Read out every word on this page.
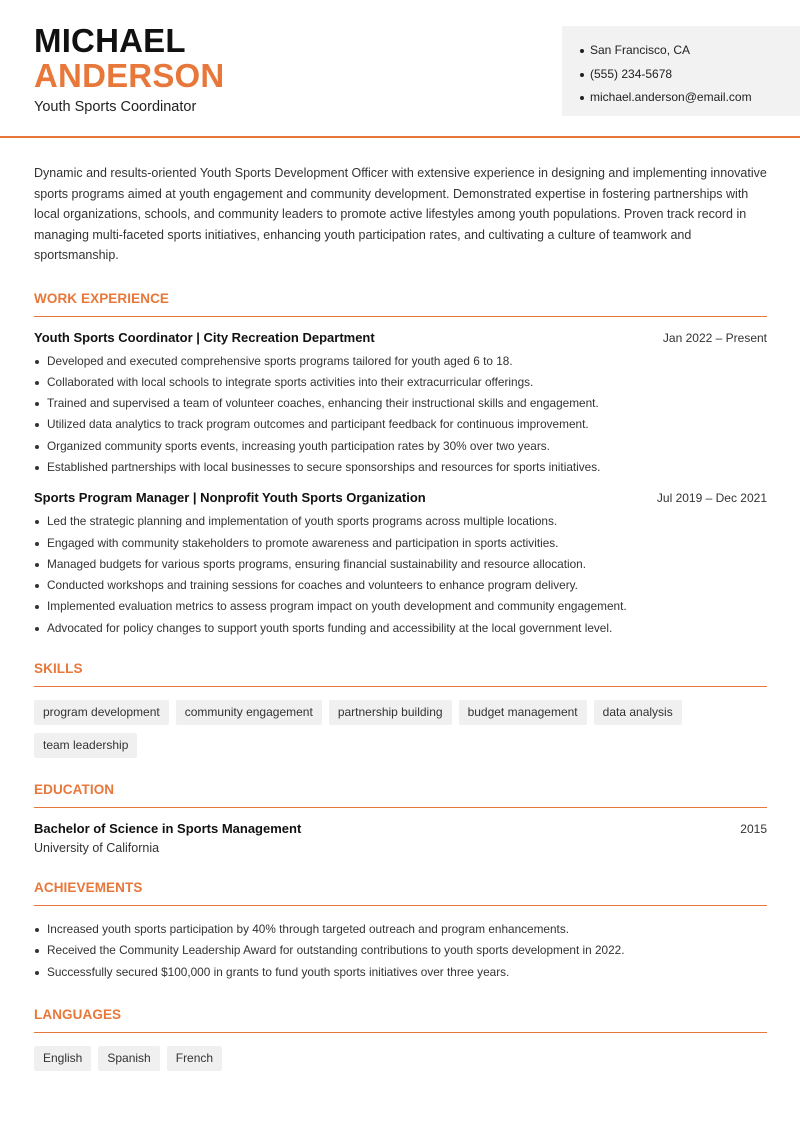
MICHAEL
ANDERSON
Youth Sports Coordinator
San Francisco, CA
(555) 234-5678
michael.anderson@email.com

Dynamic and results-oriented Youth Sports Development Officer with extensive experience in designing and implementing innovative sports programs aimed at youth engagement and community development. Demonstrated expertise in fostering partnerships with local organizations, schools, and community leaders to promote active lifestyles among youth populations. Proven track record in managing multi-faceted sports initiatives, enhancing youth participation rates, and cultivating a culture of teamwork and sportsmanship.

WORK EXPERIENCE
Youth Sports Coordinator | City Recreation Department	Jan 2022 – Present
Developed and executed comprehensive sports programs tailored for youth aged 6 to 18.
Collaborated with local schools to integrate sports activities into their extracurricular offerings.
Trained and supervised a team of volunteer coaches, enhancing their instructional skills and engagement.
Utilized data analytics to track program outcomes and participant feedback for continuous improvement.
Organized community sports events, increasing youth participation rates by 30% over two years.
Established partnerships with local businesses to secure sponsorships and resources for sports initiatives.
Sports Program Manager | Nonprofit Youth Sports Organization	Jul 2019 – Dec 2021
Led the strategic planning and implementation of youth sports programs across multiple locations.
Engaged with community stakeholders to promote awareness and participation in sports activities.
Managed budgets for various sports programs, ensuring financial sustainability and resource allocation.
Conducted workshops and training sessions for coaches and volunteers to enhance program delivery.
Implemented evaluation metrics to assess program impact on youth development and community engagement.
Advocated for policy changes to support youth sports funding and accessibility at the local government level.
SKILLS
program development	community engagement	partnership building	budget management	data analysis
team leadership
EDUCATION
Bachelor of Science in Sports Management	2015
University of California
ACHIEVEMENTS
Increased youth sports participation by 40% through targeted outreach and program enhancements.
Received the Community Leadership Award for outstanding contributions to youth sports development in 2022.
Successfully secured $100,000 in grants to fund youth sports initiatives over three years.
LANGUAGES
English	Spanish	French
